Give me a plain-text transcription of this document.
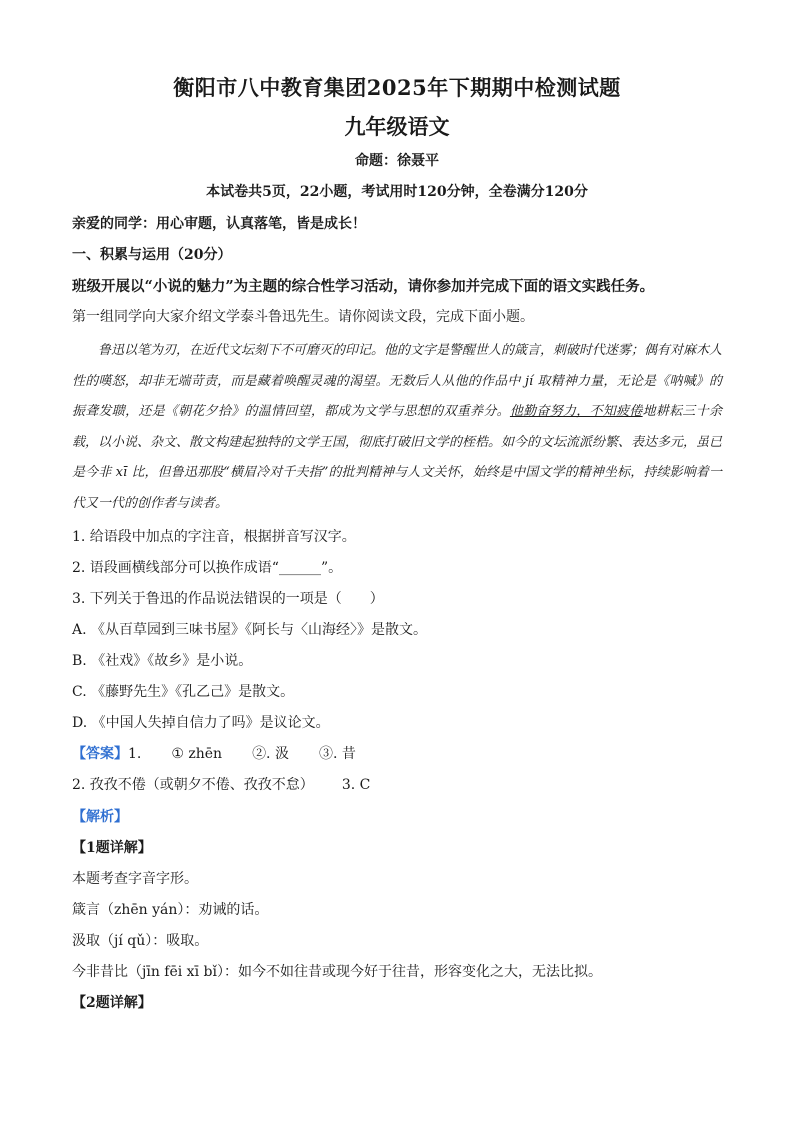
衡阳市八中教育集团2025年下期期中检测试题
九年级语文
命题：徐聂平
本试卷共5页，22小题，考试用时120分钟，全卷满分120分
亲爱的同学：用心审题，认真落笔，皆是成长！
一、积累与运用（20分）
班级开展以“小说的魅力”为主题的综合性学习活动，请你参加并完成下面的语文实践任务。
第一组同学向大家介绍文学泰斗鲁迅先生。请你阅读文段，完成下面小题。

鲁迅以笔为刃，在近代文坛刻下不可磨灭的印记。他的文字是警醒世人的箴言，刺破时代迷雾；偶有对麻木人性的嘆怒，却非无端苛责，而是藏着唤醒灵魂的渴望。无数后人从他的作品中 jí 取精神力量，无论是《呐喊》的振聋发聩，还是《朝花夕拾》的温情回望，都成为文学与思想的双重养分。他勤奋努力，不知疲倦地耕耘三十余载，以小说、杂文、散文构建起独特的文学王国，彻底打破旧文学的桎梏。如今的文坛流派纷繁、表达多元，虽已是今非 xī 比，但鲁迅那股“横眉冷对千夫指”的批判精神与人文关怀，始终是中国文学的精神坐标，持续影响着一代又一代的创作者与读者。

1. 给语段中加点的字注音，根据拼音写汉字。
2. 语段画横线部分可以换作成语“______”。
3. 下列关于鲁迅的作品说法错误的一项是（　　）
A. 《从百草园到三味书屋》《阿长与〈山海经〉》是散文。
B. 《社戏》《故乡》是小说。
C. 《藤野先生》《孔乙己》是散文。
D. 《中国人失掉自信力了吗》是议论文。
【答案】1. ① zhēn ②. 汲 ③. 昔
2. 孜孜不倦（或朝夕不倦、孜孜不怠） 3. C
【解析】
【1题详解】
本题考查字音字形。
箴言（zhēn yán）：劝诫的话。
汲取（jí qǔ）：吸取。
今非昔比（jīn fēi xī bǐ）：如今不如往昔或现今好于往昔，形容变化之大，无法比拟。
【2题详解】
